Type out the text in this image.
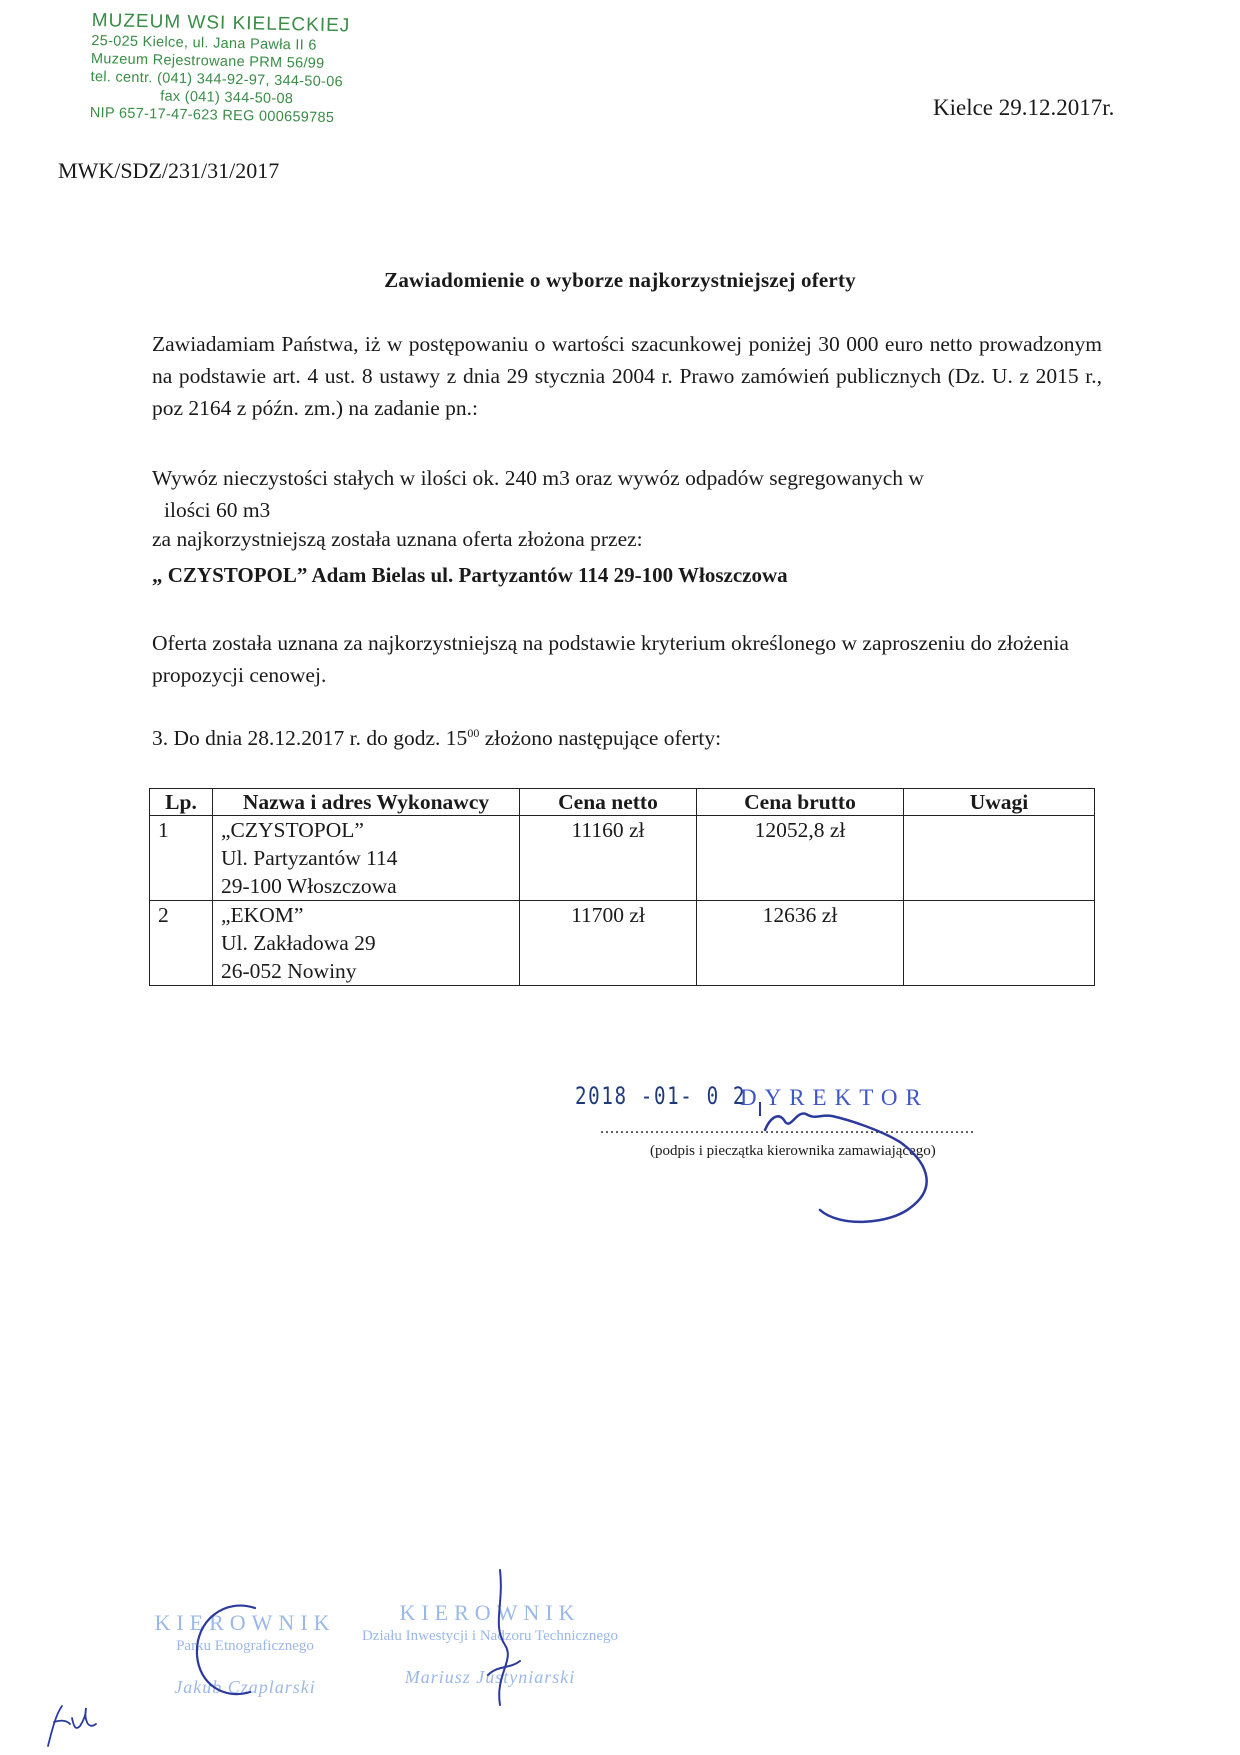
MUZEUM WSI KIELECKIEJ
25-025 Kielce, ul. Jana Pawła II 6
Muzeum Rejestrowane PRM 56/99
tel. centr. (041) 344-92-97, 344-50-06
fax (041) 344-50-08
NIP 657-17-47-623 REG 000659785	Kielce 29.12.2017r.
MWK/SDZ/231/31/2017
Zawiadomienie o wyborze najkorzystniejszej oferty
Zawiadamiam Państwa, iż w postępowaniu o wartości szacunkowej poniżej 30 000 euro netto prowadzonym na podstawie art. 4 ust. 8 ustawy z dnia 29 stycznia 2004 r. Prawo zamówień publicznych (Dz. U. z 2015 r., poz 2164 z późn. zm.) na zadanie pn.:
Wywóz nieczystości stałych w ilości ok. 240 m3 oraz wywóz odpadów segregowanych w
ilości 60 m3
za najkorzystniejszą została uznana oferta złożona przez:
„ CZYSTOPOL” Adam Bielas ul. Partyzantów 114 29-100 Włoszczowa
Oferta została uznana za najkorzystniejszą na podstawie kryterium określonego w zaproszeniu do złożenia propozycji cenowej.
3. Do dnia 28.12.2017 r. do godz. $15^{00}$ złożono następujące oferty:
Lp.	Nazwa i adres Wykonawcy	Cena netto	Cena brutto	Uwagi
1	„CZYSTOPOL”
Ul. Partyzantów 114
29-100 Włoszczowa	11160 zł	12052,8 zł	
2	„EKOM”
Ul. Zakładowa 29
26-052 Nowiny	11700 zł	12636 zł	
2018 -01- 0 2
DYREKTOR
...........................................................................
(podpis i pieczątka kierownika zamawiającego)
KIEROWNIK
Parku Etnograficznego
Jakub Czaplarski
KIEROWNIK
Działu Inwestycji i Nadzoru Technicznego
Mariusz Justyniarski
